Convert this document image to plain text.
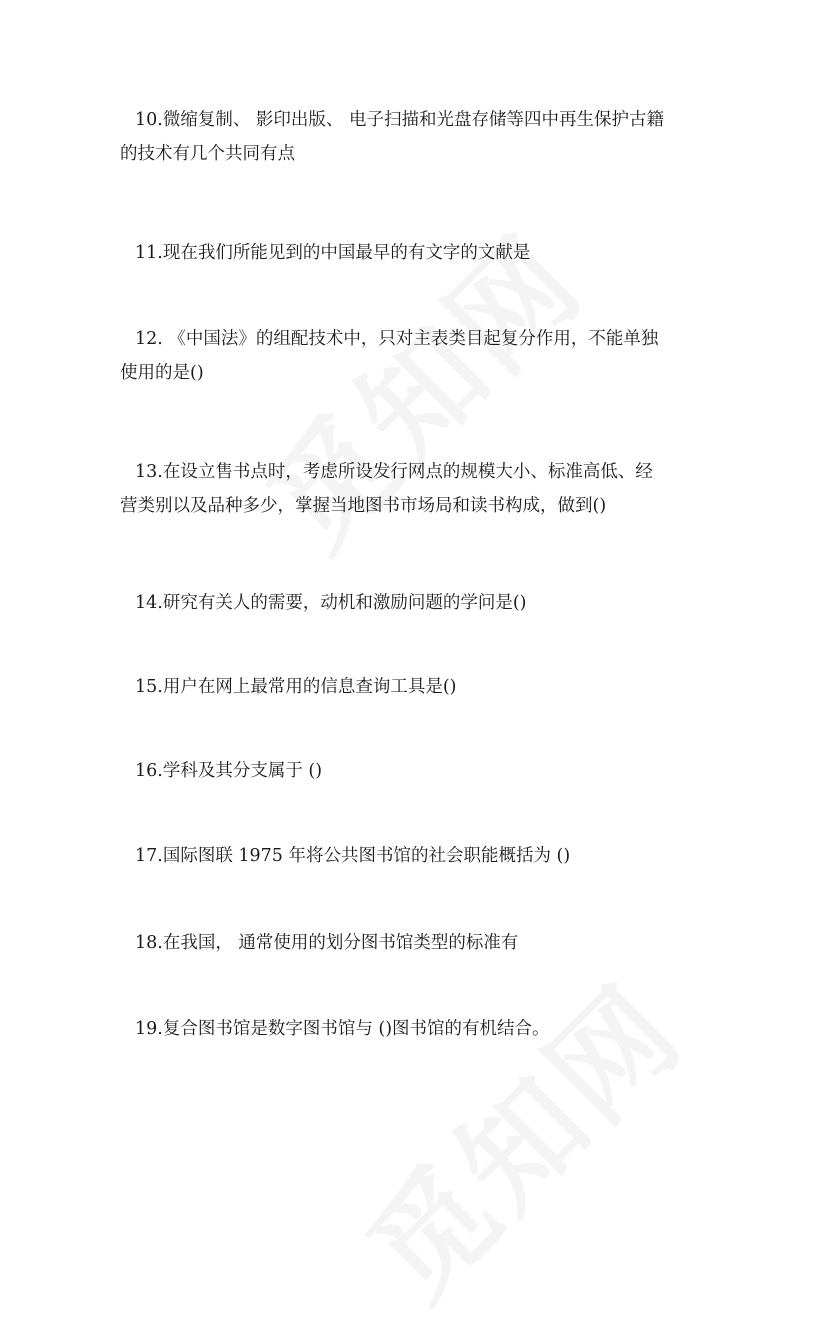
10.微缩复制、 影印出版、 电子扫描和光盘存储等四中再生保护古籍
的技术有几个共同有点

11.现在我们所能见到的中国最早的有文字的文献是

12. 《中国法》的组配技术中，只对主表类目起复分作用，不能单独
使用的是()

13.在设立售书点时，考虑所设发行网点的规模大小、标准高低、经
营类别以及品种多少，掌握当地图书市场局和读书构成，做到()

14.研究有关人的需要，动机和激励问题的学问是()

15.用户在网上最常用的信息查询工具是()

16.学科及其分支属于 ()

17.国际图联 1975 年将公共图书馆的社会职能概括为 ()

18.在我国， 通常使用的划分图书馆类型的标准有

19.复合图书馆是数字图书馆与 ()图书馆的有机结合。
